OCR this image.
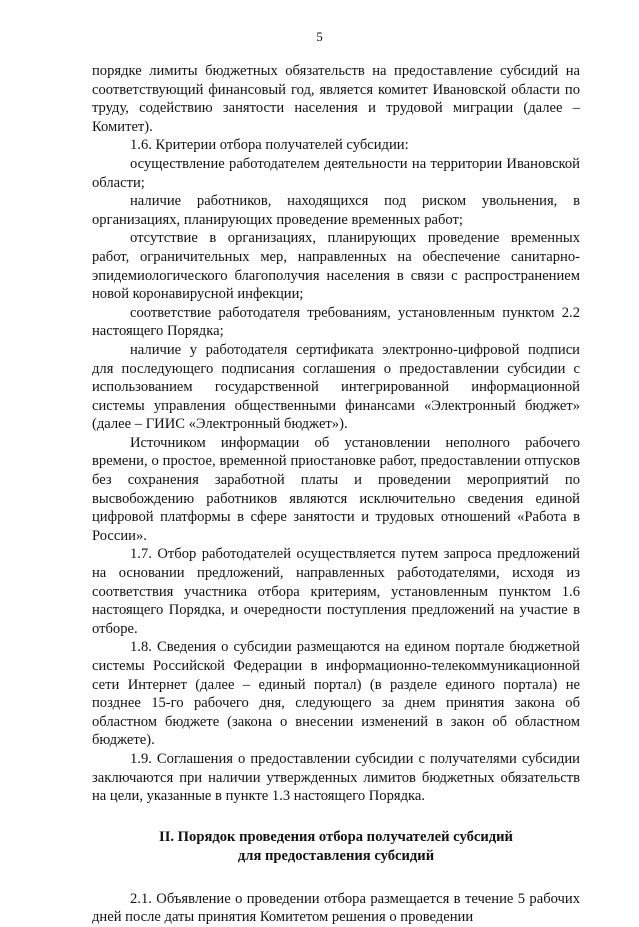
5

порядке лимиты бюджетных обязательств на предоставление субсидий на соответствующий финансовый год, является комитет Ивановской области по труду, содействию занятости населения и трудовой миграции (далее – Комитет).

1.6. Критерии отбора получателей субсидии:

осуществление работодателем деятельности на территории Ивановской области;

наличие работников, находящихся под риском увольнения, в организациях, планирующих проведение временных работ;

отсутствие в организациях, планирующих проведение временных работ, ограничительных мер, направленных на обеспечение санитарно-эпидемиологического благополучия населения в связи с распространением новой коронавирусной инфекции;

соответствие работодателя требованиям, установленным пунктом 2.2 настоящего Порядка;

наличие у работодателя сертификата электронно-цифровой подписи для последующего подписания соглашения о предоставлении субсидии с использованием государственной интегрированной информационной системы управления общественными финансами «Электронный бюджет» (далее – ГИИС «Электронный бюджет»).

Источником информации об установлении неполного рабочего времени, о простое, временной приостановке работ, предоставлении отпусков без сохранения заработной платы и проведении мероприятий по высвобождению работников являются исключительно сведения единой цифровой платформы в сфере занятости и трудовых отношений «Работа в России».

1.7. Отбор работодателей осуществляется путем запроса предложений на основании предложений, направленных работодателями, исходя из соответствия участника отбора критериям, установленным пунктом 1.6 настоящего Порядка, и очередности поступления предложений на участие в отборе.

1.8. Сведения о субсидии размещаются на едином портале бюджетной системы Российской Федерации в информационно-телекоммуникационной сети Интернет (далее – единый портал) (в разделе единого портала) не позднее 15-го рабочего дня, следующего за днем принятия закона об областном бюджете (закона о внесении изменений в закон об областном бюджете).

1.9. Соглашения о предоставлении субсидии с получателями субсидии заключаются при наличии утвержденных лимитов бюджетных обязательств на цели, указанные в пункте 1.3 настоящего Порядка.

II. Порядок проведения отбора получателей субсидий
для предоставления субсидий

2.1. Объявление о проведении отбора размещается в течение 5 рабочих дней после даты принятия Комитетом решения о проведении
